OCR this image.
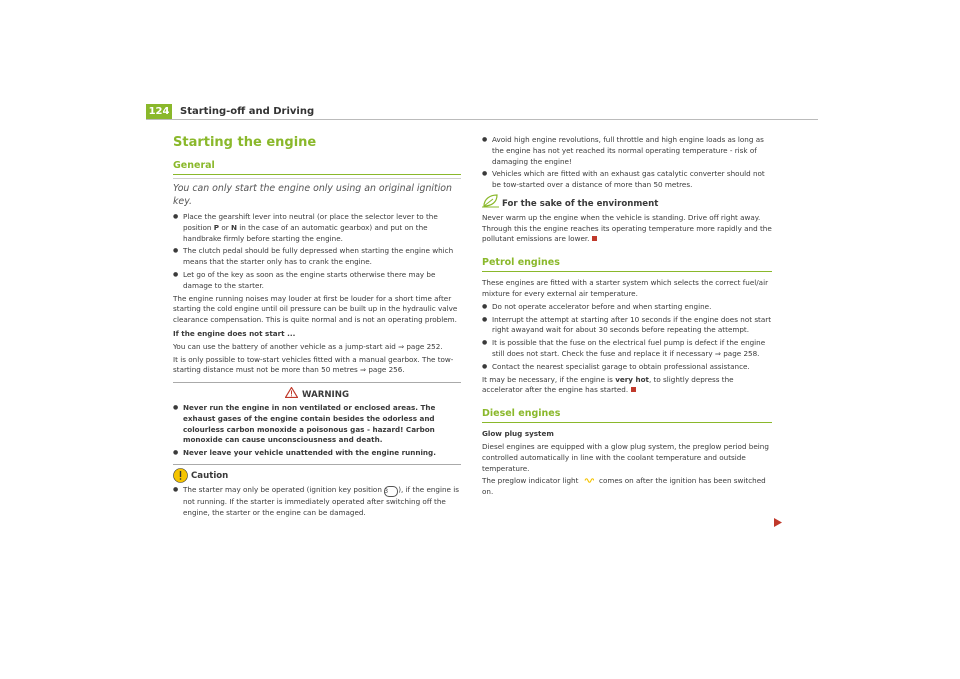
124 Starting-off and Driving
Starting the engine
General
You can only start the engine only using an original ignition key.
● Place the gearshift lever into neutral (or place the selector lever to the position P or N in the case of an automatic gearbox) and put on the handbrake firmly before starting the engine.
● The clutch pedal should be fully depressed when starting the engine which means that the starter only has to crank the engine.
● Let go of the key as soon as the engine starts otherwise there may be damage to the starter.

The engine running noises may louder at first be louder for a short time after starting the cold engine until oil pressure can be built up in the hydraulic valve clearance compensation. This is quite normal and is not an operating problem.

If the engine does not start ...

You can use the battery of another vehicle as a jump-start aid ⇒ page 252.

It is only possible to tow-start vehicles fitted with a manual gearbox. The tow-starting distance must not be more than 50 metres ⇒ page 256.

WARNING
● Never run the engine in non ventilated or enclosed areas. The exhaust gases of the engine contain besides the odorless and colourless carbon monoxide a poisonous gas - hazard! Carbon monoxide can cause unconsciousness and death.
● Never leave your vehicle unattended with the engine running.
Caution
● The starter may only be operated (ignition key position 3 ), if the engine is not running. If the starter is immediately operated after switching off the engine, the starter or the engine can be damaged.
● Avoid high engine revolutions, full throttle and high engine loads as long as the engine has not yet reached its normal operating temperature - risk of damaging the engine!
● Vehicles which are fitted with an exhaust gas catalytic converter should not be tow-started over a distance of more than 50 metres.
For the sake of the environment

Never warm up the engine when the vehicle is standing. Drive off right away. Through this the engine reaches its operating temperature more rapidly and the pollutant emissions are lower.

Petrol engines

These engines are fitted with a starter system which selects the correct fuel/air mixture for every external air temperature.

● Do not operate accelerator before and when starting engine.
● Interrupt the attempt at starting after 10 seconds if the engine does not start right awayand wait for about 30 seconds before repeating the attempt.
● It is possible that the fuse on the electrical fuel pump is defect if the engine still does not start. Check the fuse and replace it if necessary ⇒ page 258.
● Contact the nearest specialist garage to obtain professional assistance.

It may be necessary, if the engine is very hot, to slightly depress the accelerator after the engine has started.

Diesel engines

Glow plug system

Diesel engines are equipped with a glow plug system, the preglow period being controlled automatically in line with the coolant temperature and outside temperature.

The preglow indicator light  comes on after the ignition has been switched on.
